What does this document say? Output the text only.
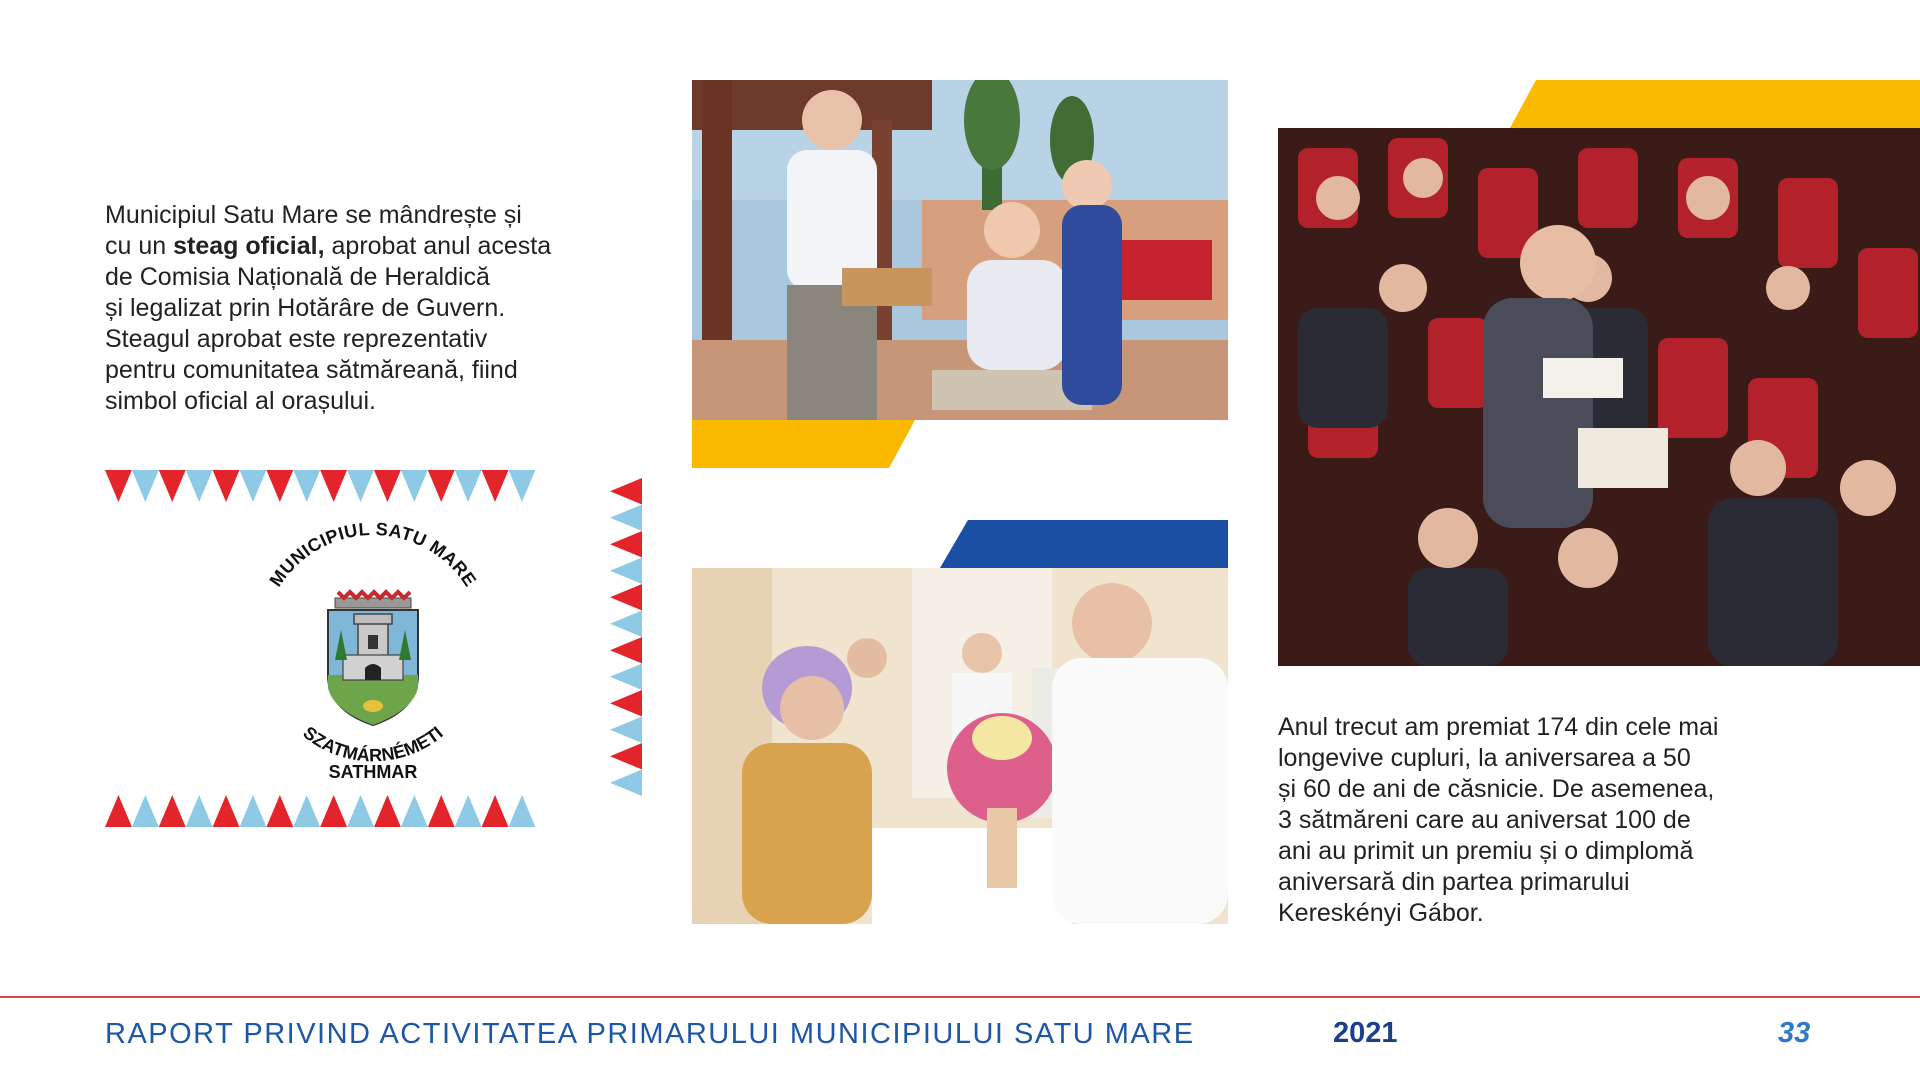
Municipiul Satu Mare se mândrește și
cu un steag oficial, aprobat anul acesta
de Comisia Națională de Heraldică
și legalizat prin Hotărâre de Guvern.
Steagul aprobat este reprezentativ
pentru comunitatea sătmăreană, fiind
simbol oficial al orașului.

MUNICIPIUL SATU MARE
SZATMÁRNÉMETI
SATHMAR

Anul trecut am premiat 174 din cele mai
longevive cupluri, la aniversarea a 50
și 60 de ani de căsnicie. De asemenea,
3 sătmăreni care au aniversat 100 de
ani au primit un premiu și o dimplomă
aniversară din partea primarului
Kereskényi Gábor.

RAPORT PRIVIND ACTIVITATEA PRIMARULUI MUNICIPIULUI SATU MARE	2021	33
